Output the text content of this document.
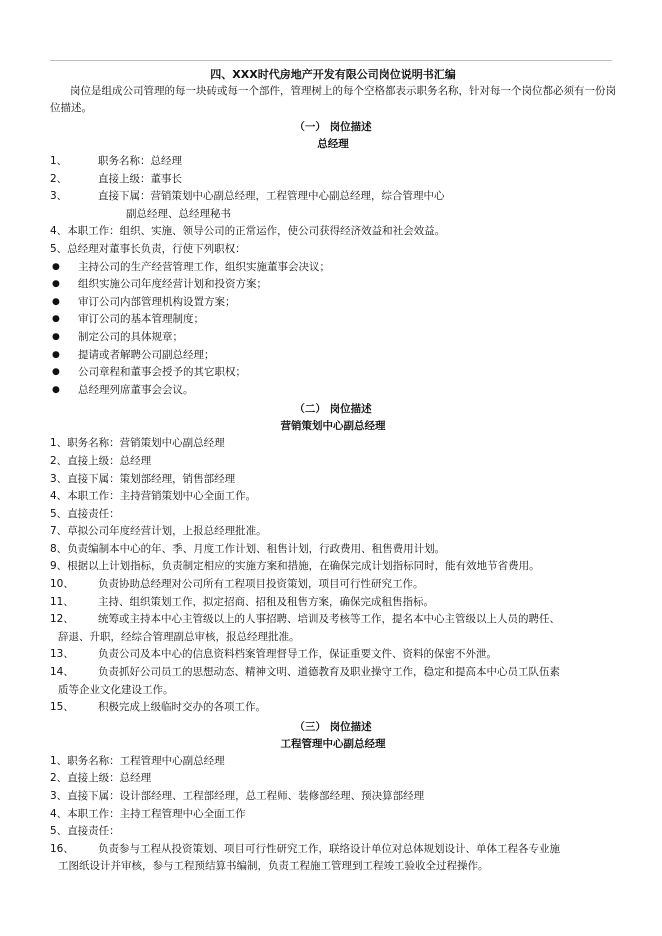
四、XXX时代房地产开发有限公司岗位说明书汇编
岗位是组成公司管理的每一块砖或每一个部件，管理树上的每个空格都表示职务名称，针对每一个岗位都必须有一份岗位描述。
（一） 岗位描述
总经理
1、	职务名称：总经理
2、	直接上级：董事长
3、	直接下属：营销策划中心副总经理，工程管理中心副总经理，综合管理中心
副总经理、总经理秘书
4、 本职工作：组织、实施、领导公司的正常运作，使公司获得经济效益和社会效益。
5、 总经理对董事长负责，行使下列职权：
●	主持公司的生产经营管理工作，组织实施董事会决议；
●	组织实施公司年度经营计划和投资方案；
●	审订公司内部管理机构设置方案；
●	审订公司的基本管理制度；
●	制定公司的具体规章；
●	提请或者解聘公司副总经理；
●	公司章程和董事会授予的其它职权；
●	总经理列席董事会会议。
（二） 岗位描述
营销策划中心副总经理
1、 职务名称：营销策划中心副总经理
2、 直接上级：总经理
3、 直接下属：策划部经理，销售部经理
4、 本职工作：主持营销策划中心全面工作。
5、 直接责任：
7、 草拟公司年度经营计划，上报总经理批准。
8、 负责编制本中心的年、季、月度工作计划、租售计划，行政费用、租售费用计划。
9、 根据以上计划指标，负责制定相应的实施方案和措施，在确保完成计划指标同时，能有效地节省费用。
10、	负责协助总经理对公司所有工程项目投资策划，项目可行性研究工作。
11、	主持、组织策划工作，拟定招商、招租及租售方案，确保完成租售指标。
12、	统筹或主持本中心主管级以上的人事招聘、培训及考核等工作，提名本中心主管级以上人员的聘任、
辞退、升职，经综合管理副总审核，报总经理批准。
13、	负责公司及本中心的信息资料档案管理督导工作，保证重要文件、资料的保密不外泄。
14、	负责抓好公司员工的思想动态、精神文明、道德教育及职业操守工作，稳定和提高本中心员工队伍素
质等企业文化建设工作。
15、	积极完成上级临时交办的各项工作。
（三） 岗位描述
工程管理中心副总经理
1、 职务名称：工程管理中心副总经理
2、 直接上级：总经理
3、 直接下属：设计部经理、工程部经理，总工程师、装修部经理、预决算部经理
4、 本职工作：主持工程管理中心全面工作
5、 直接责任：
16、	负责参与工程从投资策划、项目可行性研究工作，联络设计单位对总体规划设计、单体工程各专业施
工图纸设计并审核，参与工程预结算书编制，负责工程施工管理到工程竣工验收全过程操作。
